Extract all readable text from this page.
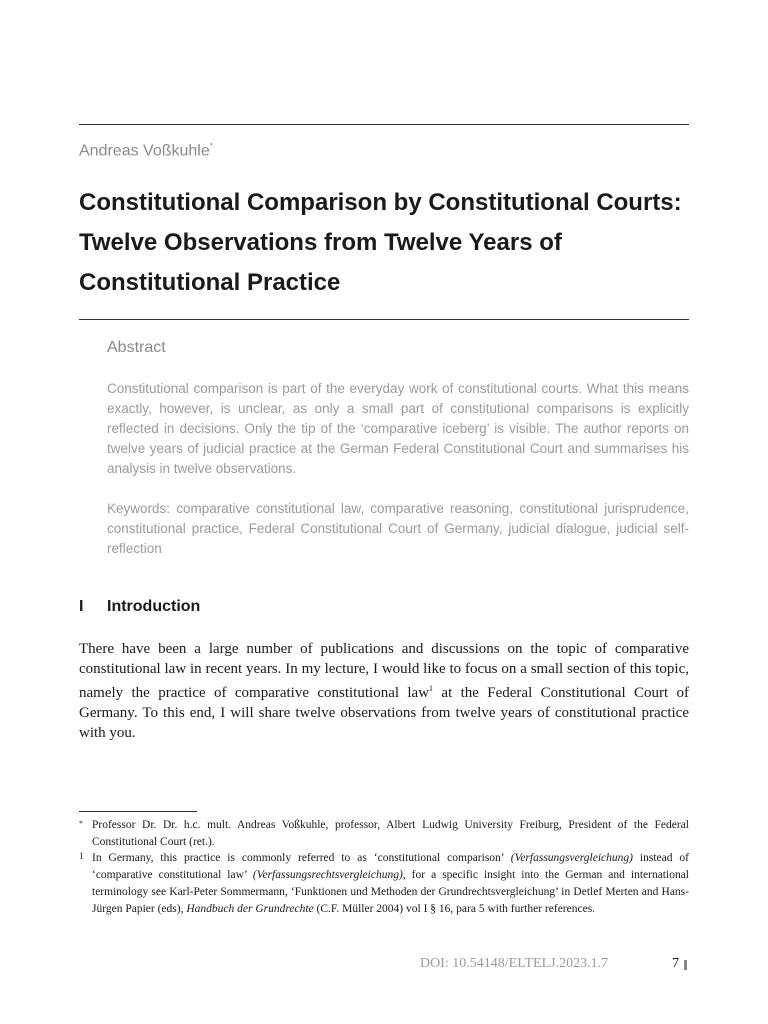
Andreas Voßkuhle*
Constitutional Comparison by Constitutional Courts: Twelve Observations from Twelve Years of Constitutional Practice
Abstract

Constitutional comparison is part of the everyday work of constitutional courts. What this means exactly, however, is unclear, as only a small part of constitutional comparisons is explicitly reflected in decisions. Only the tip of the ‘comparative iceberg’ is visible. The author reports on twelve years of judicial practice at the German Federal Constitutional Court and summarises his analysis in twelve observations.

Keywords: comparative constitutional law, comparative reasoning, constitutional jurisprudence, constitutional practice, Federal Constitutional Court of Germany, judicial dialogue, judicial self-reflection

I Introduction

There have been a large number of publications and discussions on the topic of comparative constitutional law in recent years. In my lecture, I would like to focus on a small section of this topic, namely the practice of comparative constitutional law$^1$ at the Federal Constitutional Court of Germany. To this end, I will share twelve observations from twelve years of constitutional practice with you.

* Professor Dr. Dr. h.c. mult. Andreas Voßkuhle, professor, Albert Ludwig University Freiburg, President of the Federal Constitutional Court (ret.).
1 In Germany, this practice is commonly referred to as ‘constitutional comparison’ (Verfassungsvergleichung) instead of ‘comparative constitutional law’ (Verfassungsrechtsvergleichung), for a specific insight into the German and international terminology see Karl-Peter Sommermann, ‘Funktionen und Methoden der Grundrechtsvergleichung’ in Detlef Merten and Hans-Jürgen Papier (eds), Handbuch der Grundrechte (C.F. Müller 2004) vol I § 16, para 5 with further references.
DOI: 10.54148/ELTELJ.2023.1.7	7
